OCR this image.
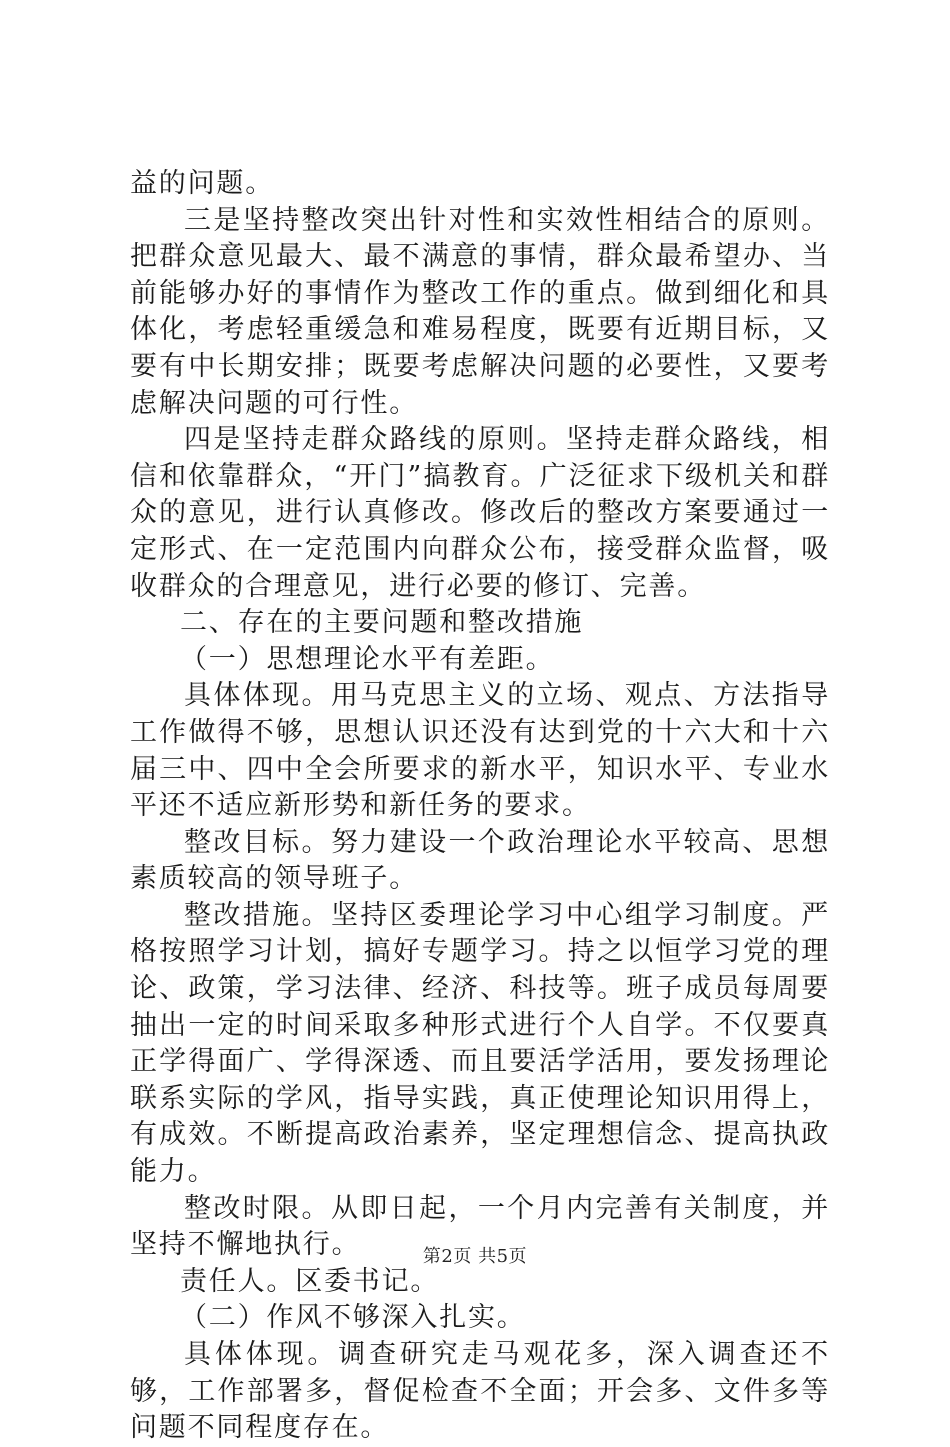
益的问题。

三是坚持整改突出针对性和实效性相结合的原则。把群众意见最大、最不满意的事情，群众最希望办、当前能够办好的事情作为整改工作的重点。做到细化和具体化，考虑轻重缓急和难易程度，既要有近期目标，又要有中长期安排；既要考虑解决问题的必要性，又要考虑解决问题的可行性。

四是坚持走群众路线的原则。坚持走群众路线，相信和依靠群众，“开门”搞教育。广泛征求下级机关和群众的意见，进行认真修改。修改后的整改方案要通过一定形式、在一定范围内向群众公布，接受群众监督，吸收群众的合理意见，进行必要的修订、完善。

二、存在的主要问题和整改措施

（一）思想理论水平有差距。

具体体现。用马克思主义的立场、观点、方法指导工作做得不够，思想认识还没有达到党的十六大和十六届三中、四中全会所要求的新水平，知识水平、专业水平还不适应新形势和新任务的要求。

整改目标。努力建设一个政治理论水平较高、思想素质较高的领导班子。

整改措施。坚持区委理论学习中心组学习制度。严格按照学习计划，搞好专题学习。持之以恒学习党的理论、政策，学习法律、经济、科技等。班子成员每周要抽出一定的时间采取多种形式进行个人自学。不仅要真正学得面广、学得深透、而且要活学活用，要发扬理论联系实际的学风，指导实践，真正使理论知识用得上，有成效。不断提高政治素养，坚定理想信念、提高执政能力。

整改时限。从即日起，一个月内完善有关制度，并坚持不懈地执行。

责任人。区委书记。

（二）作风不够深入扎实。

具体体现。调查研究走马观花多，深入调查还不够，工作部署多，督促检查不全面；开会多、文件多等问题不同程度存在。

第2页 共5页
